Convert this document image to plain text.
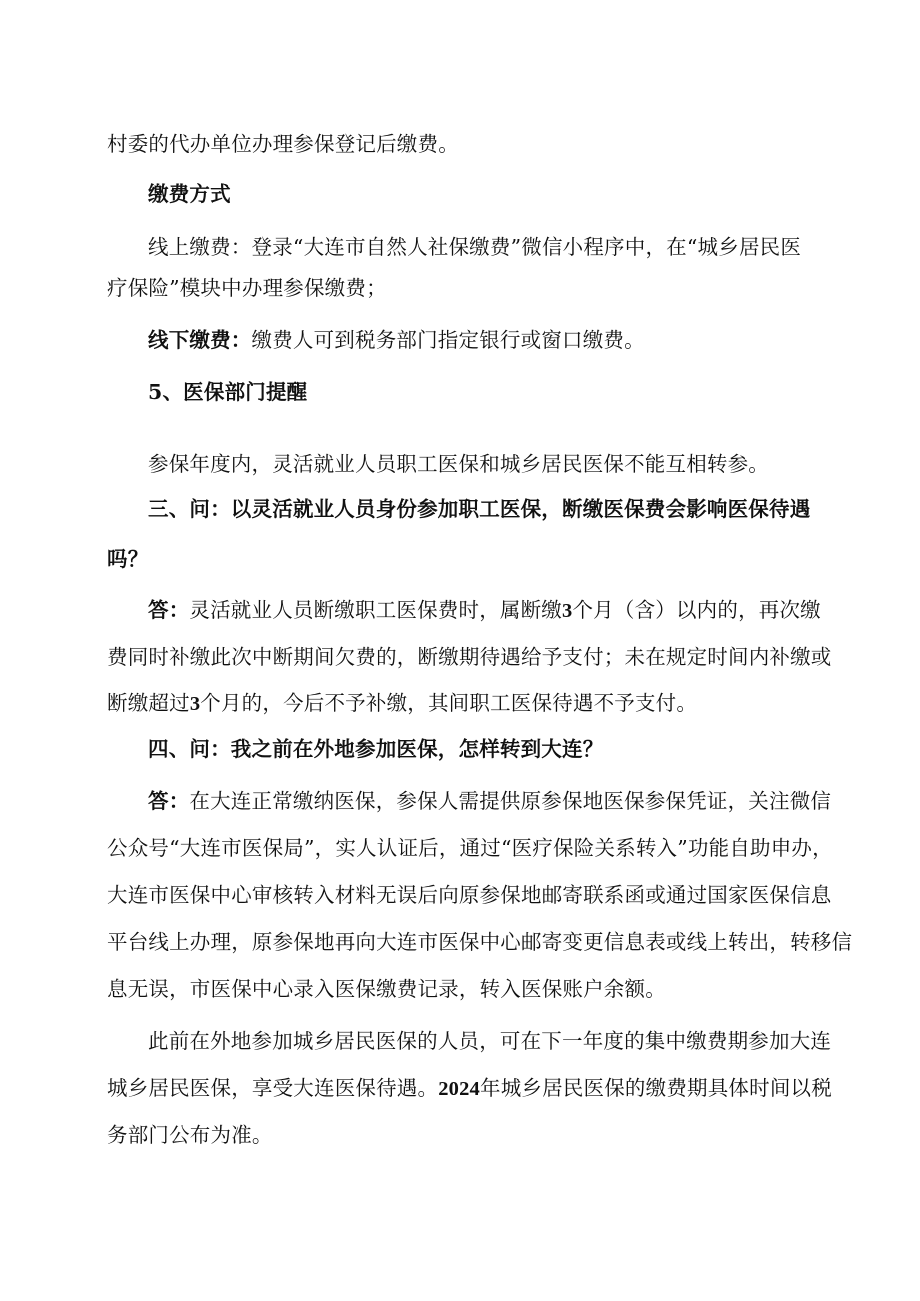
村委的代办单位办理参保登记后缴费。
缴费方式
线上缴费：登录“大连市自然人社保缴费”微信小程序中，在“城乡居民医
疗保险”模块中办理参保缴费；
线下缴费：缴费人可到税务部门指定银行或窗口缴费。
5、医保部门提醒
参保年度内，灵活就业人员职工医保和城乡居民医保不能互相转参。
三、问：以灵活就业人员身份参加职工医保，断缴医保费会影响医保待遇
吗？
答：灵活就业人员断缴职工医保费时，属断缴3个月（含）以内的，再次缴
费同时补缴此次中断期间欠费的，断缴期待遇给予支付；未在规定时间内补缴或
断缴超过3个月的，今后不予补缴，其间职工医保待遇不予支付。
四、问：我之前在外地参加医保，怎样转到大连？
答：在大连正常缴纳医保，参保人需提供原参保地医保参保凭证，关注微信
公众号“大连市医保局”，实人认证后，通过“医疗保险关系转入”功能自助申办，
大连市医保中心审核转入材料无误后向原参保地邮寄联系函或通过国家医保信息
平台线上办理，原参保地再向大连市医保中心邮寄变更信息表或线上转出，转移信
息无误，市医保中心录入医保缴费记录，转入医保账户余额。
此前在外地参加城乡居民医保的人员，可在下一年度的集中缴费期参加大连
城乡居民医保，享受大连医保待遇。2024年城乡居民医保的缴费期具体时间以税
务部门公布为准。
